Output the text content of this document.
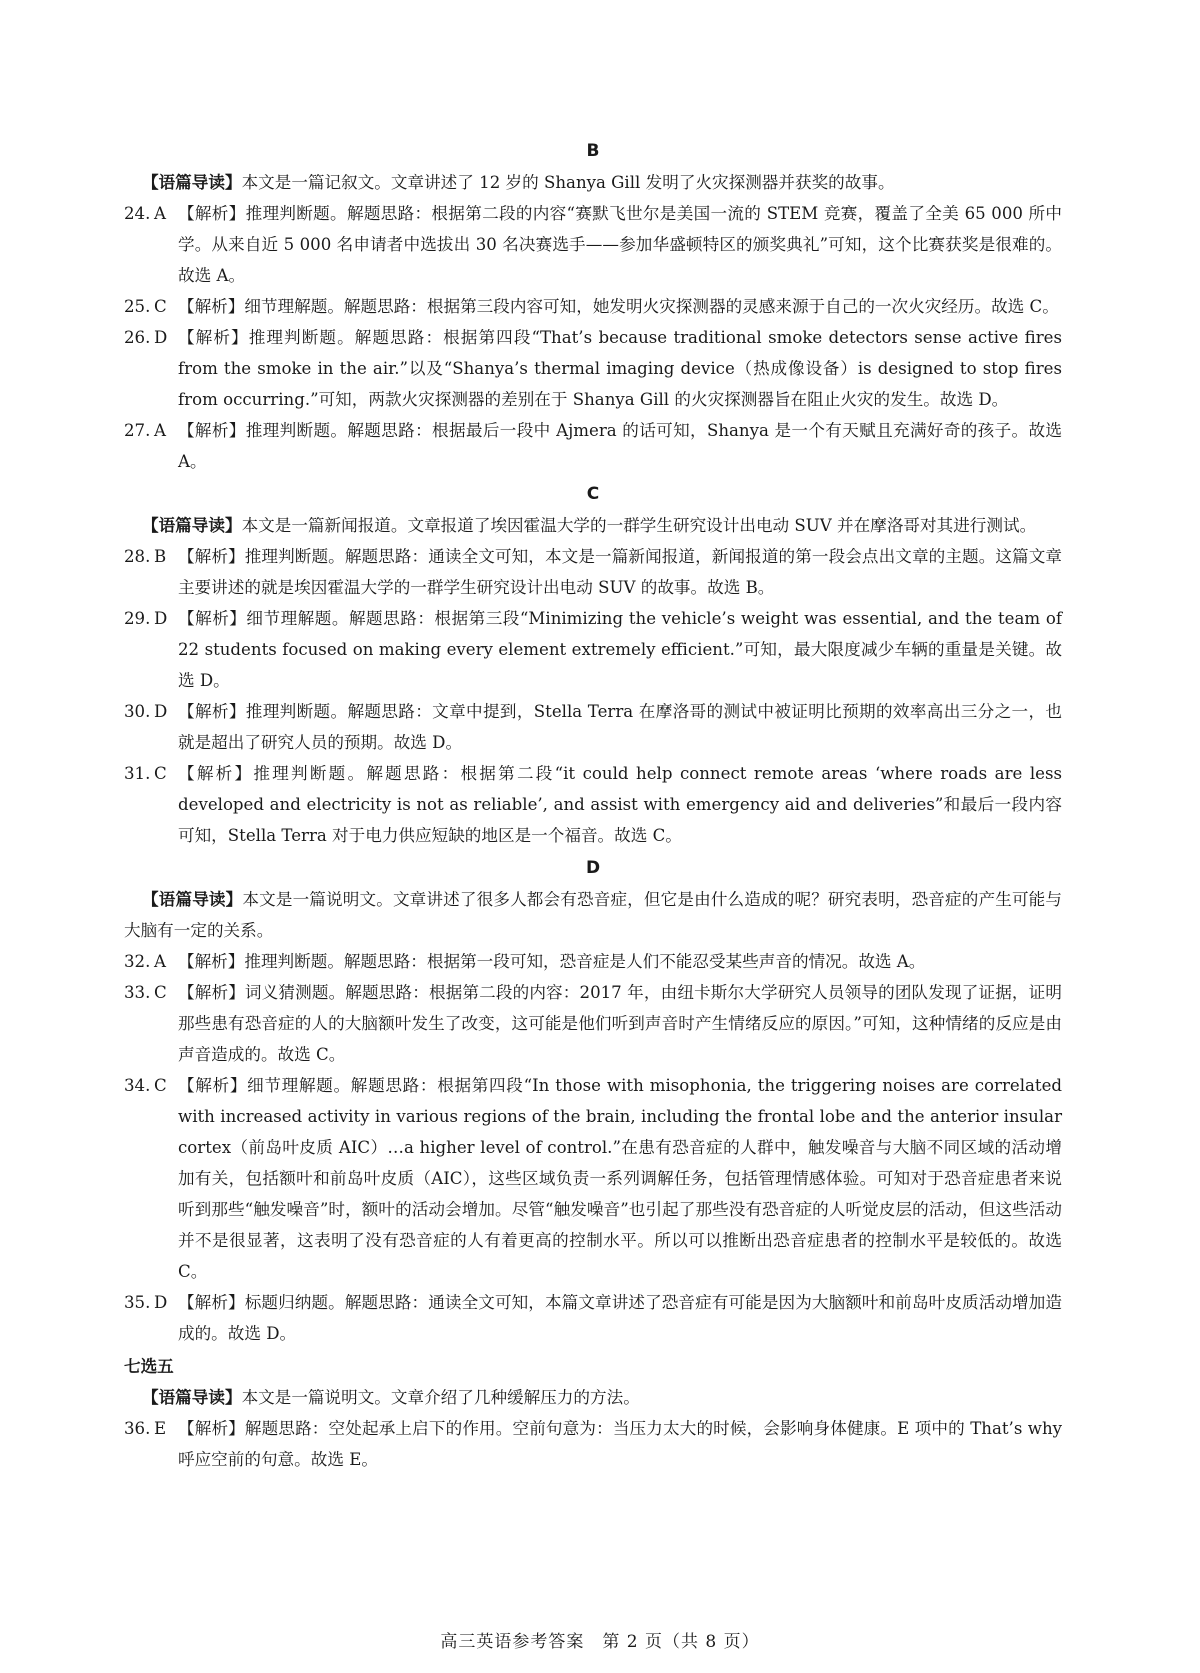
B

【语篇导读】本文是一篇记叙文。文章讲述了 12 岁的 Shanya Gill 发明了火灾探测器并获奖的故事。

24. A 【解析】推理判断题。解题思路：根据第二段的内容“赛默飞世尔是美国一流的 STEM 竞赛，覆盖了全美 65 000 所中学。从来自近 5 000 名申请者中选拔出 30 名决赛选手——参加华盛顿特区的颁奖典礼”可知，这个比赛获奖是很难的。故选 A。
25. C 【解析】细节理解题。解题思路：根据第三段内容可知，她发明火灾探测器的灵感来源于自己的一次火灾经历。故选 C。
26. D 【解析】推理判断题。解题思路：根据第四段“That’s because traditional smoke detectors sense active fires from the smoke in the air.”以及“Shanya’s thermal imaging device（热成像设备）is designed to stop fires from occurring.”可知，两款火灾探测器的差别在于 Shanya Gill 的火灾探测器旨在阻止火灾的发生。故选 D。
27. A 【解析】推理判断题。解题思路：根据最后一段中 Ajmera 的话可知，Shanya 是一个有天赋且充满好奇的孩子。故选 A。
C

【语篇导读】本文是一篇新闻报道。文章报道了埃因霍温大学的一群学生研究设计出电动 SUV 并在摩洛哥对其进行测试。

28. B 【解析】推理判断题。解题思路：通读全文可知，本文是一篇新闻报道，新闻报道的第一段会点出文章的主题。这篇文章主要讲述的就是埃因霍温大学的一群学生研究设计出电动 SUV 的故事。故选 B。
29. D 【解析】细节理解题。解题思路：根据第三段“Minimizing the vehicle’s weight was essential, and the team of 22 students focused on making every element extremely efficient.”可知，最大限度减少车辆的重量是关键。故选 D。
30. D 【解析】推理判断题。解题思路：文章中提到，Stella Terra 在摩洛哥的测试中被证明比预期的效率高出三分之一，也就是超出了研究人员的预期。故选 D。
31. C 【解析】推理判断题。解题思路：根据第二段“it could help connect remote areas ‘where roads are less developed and electricity is not as reliable’, and assist with emergency aid and deliveries”和最后一段内容可知，Stella Terra 对于电力供应短缺的地区是一个福音。故选 C。
D

【语篇导读】本文是一篇说明文。文章讲述了很多人都会有恐音症，但它是由什么造成的呢？研究表明，恐音症的产生可能与大脑有一定的关系。

32. A 【解析】推理判断题。解题思路：根据第一段可知，恐音症是人们不能忍受某些声音的情况。故选 A。
33. C 【解析】词义猜测题。解题思路：根据第二段的内容：2017 年，由纽卡斯尔大学研究人员领导的团队发现了证据，证明那些患有恐音症的人的大脑额叶发生了改变，这可能是他们听到声音时产生情绪反应的原因。”可知，这种情绪的反应是由声音造成的。故选 C。
34. C 【解析】细节理解题。解题思路：根据第四段“In those with misophonia, the triggering noises are correlated with increased activity in various regions of the brain, including the frontal lobe and the anterior insular cortex（前岛叶皮质 AIC）…a higher level of control.”在患有恐音症的人群中，触发噪音与大脑不同区域的活动增加有关，包括额叶和前岛叶皮质（AIC），这些区域负责一系列调解任务，包括管理情感体验。可知对于恐音症患者来说听到那些“触发噪音”时，额叶的活动会增加。尽管“触发噪音”也引起了那些没有恐音症的人听觉皮层的活动，但这些活动并不是很显著，这表明了没有恐音症的人有着更高的控制水平。所以可以推断出恐音症患者的控制水平是较低的。故选 C。
35. D 【解析】标题归纳题。解题思路：通读全文可知，本篇文章讲述了恐音症有可能是因为大脑额叶和前岛叶皮质活动增加造成的。故选 D。
七选五

【语篇导读】本文是一篇说明文。文章介绍了几种缓解压力的方法。

36. E 【解析】解题思路：空处起承上启下的作用。空前句意为：当压力太大的时候，会影响身体健康。E 项中的 That’s why 呼应空前的句意。故选 E。
高三英语参考答案　第 2 页（共 8 页）
